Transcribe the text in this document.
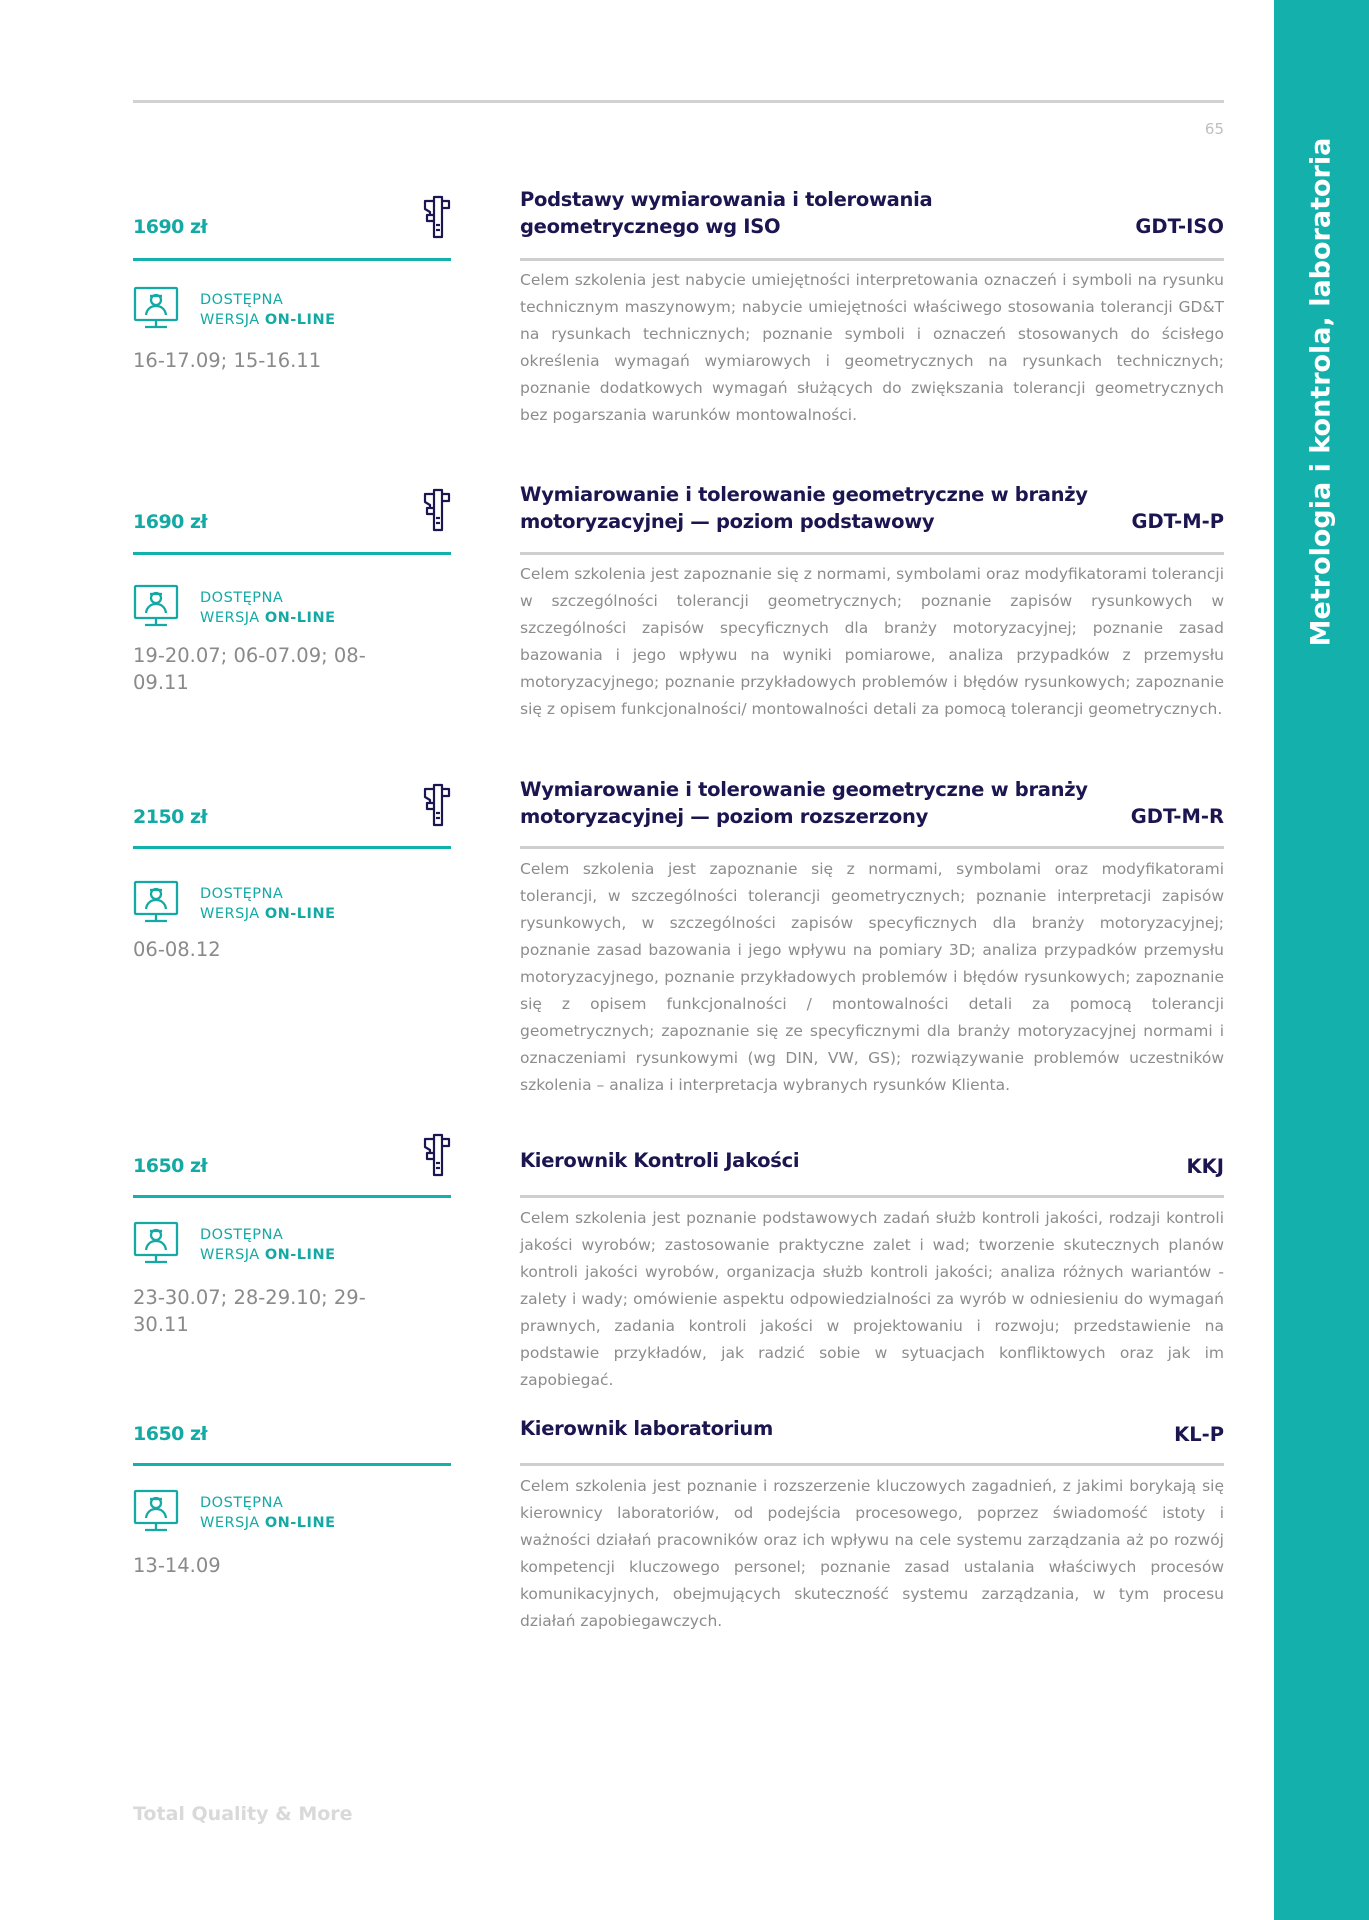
65
Metrologia i kontrola, laboratoria
1690 zł
DOSTĘPNA
WERSJA ON-LINE
16-17.09; 15-16.11
Podstawy wymiarowania i tolerowania geometrycznego wg ISO	GDT-ISO
Celem szkolenia jest nabycie umiejętności interpretowania oznaczeń i symboli na rysunku technicznym maszynowym; nabycie umiejętności właściwego stosowania tolerancji GD&T na rysunkach technicznych; poznanie symboli i oznaczeń stosowanych do ścisłego określenia wymagań wymiarowych i geometrycznych na rysunkach technicznych; poznanie dodatkowych wymagań służących do zwiększania tolerancji geometrycznych bez pogarszania warunków montowalności.
1690 zł
DOSTĘPNA
WERSJA ON-LINE
19-20.07; 06-07.09; 08-09.11
Wymiarowanie i tolerowanie geometryczne w branży motoryzacyjnej — poziom podstawowy	GDT-M-P
Celem szkolenia jest zapoznanie się z normami, symbolami oraz modyfikatorami tolerancji w szczególności tolerancji geometrycznych; poznanie zapisów rysunkowych w szczególności zapisów specyficznych dla branży motoryzacyjnej; poznanie zasad bazowania i jego wpływu na wyniki pomiarowe, analiza przypadków z przemysłu motoryzacyjnego; poznanie przykładowych problemów i błędów rysunkowych; zapoznanie się z opisem funkcjonalności/ montowalności detali za pomocą tolerancji geometrycznych.
2150 zł
DOSTĘPNA
WERSJA ON-LINE
06-08.12
Wymiarowanie i tolerowanie geometryczne w branży motoryzacyjnej — poziom rozszerzony	GDT-M-R
Celem szkolenia jest zapoznanie się z normami, symbolami oraz modyfikatorami tolerancji, w szczególności tolerancji geometrycznych; poznanie interpretacji zapisów rysunkowych, w szczególności zapisów specyficznych dla branży motoryzacyjnej; poznanie zasad bazowania i jego wpływu na pomiary 3D; analiza przypadków przemysłu motoryzacyjnego, poznanie przykładowych problemów i błędów rysunkowych; zapoznanie się z opisem funkcjonalności / montowalności detali za pomocą tolerancji geometrycznych; zapoznanie się ze specyficznymi dla branży motoryzacyjnej normami i oznaczeniami rysunkowymi (wg DIN, VW, GS); rozwiązywanie problemów uczestników szkolenia – analiza i interpretacja wybranych rysunków Klienta.
1650 zł
DOSTĘPNA
WERSJA ON-LINE
23-30.07; 28-29.10; 29-30.11
Kierownik Kontroli Jakości	KKJ
Celem szkolenia jest poznanie podstawowych zadań służb kontroli jakości, rodzaji kontroli jakości wyrobów; zastosowanie praktyczne zalet i wad; tworzenie skutecznych planów kontroli jakości wyrobów, organizacja służb kontroli jakości; analiza różnych wariantów - zalety i wady; omówienie aspektu odpowiedzialności za wyrób w odniesieniu do wymagań prawnych, zadania kontroli jakości w projektowaniu i rozwoju; przedstawienie na podstawie przykładów, jak radzić sobie w sytuacjach konfliktowych oraz jak im zapobiegać.
1650 zł
DOSTĘPNA
WERSJA ON-LINE
13-14.09
Kierownik laboratorium	KL-P
Celem szkolenia jest poznanie i rozszerzenie kluczowych zagadnień, z jakimi borykają się kierownicy laboratoriów, od podejścia procesowego, poprzez świadomość istoty i ważności działań pracowników oraz ich wpływu na cele systemu zarządzania aż po rozwój kompetencji kluczowego personel; poznanie zasad ustalania właściwych procesów komunikacyjnych, obejmujących skuteczność systemu zarządzania, w tym procesu działań zapobiegawczych.
Total Quality & More
